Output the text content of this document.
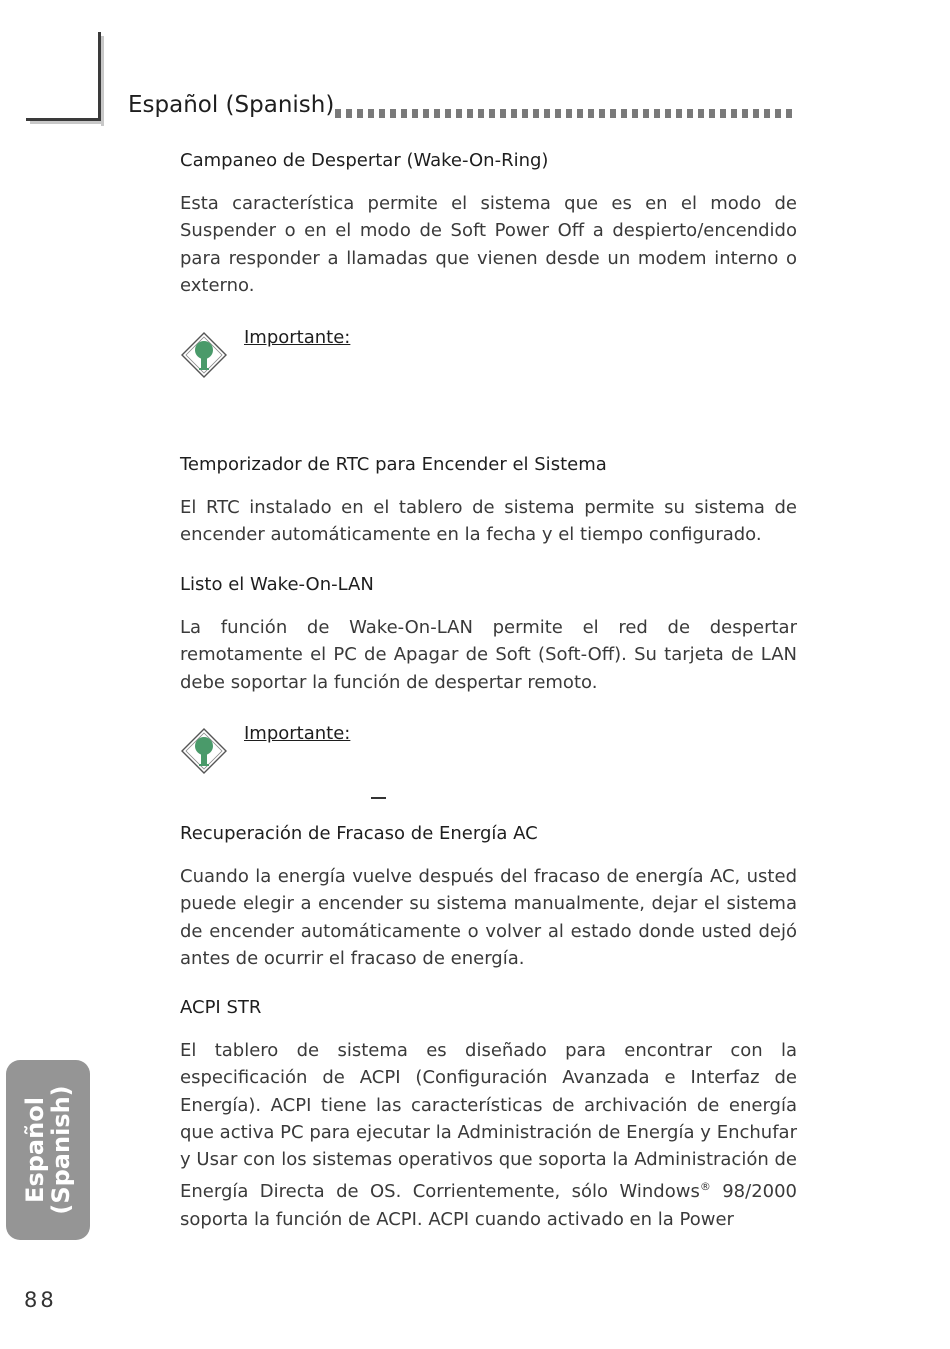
Español (Spanish)

Campaneo de Despertar (Wake-On-Ring)

Esta característica permite el sistema que es en el modo de Suspender o en el modo de Soft Power Off a despierto/encendido para responder a llamadas que vienen desde un modem interno o externo.

Importante:

Temporizador de RTC para Encender el Sistema

El RTC instalado en el tablero de sistema permite su sistema de encender automáticamente en la fecha y el tiempo configurado.

Listo el Wake-On-LAN

La función de Wake-On-LAN permite el red de despertar remotamente el PC de Apagar de Soft (Soft-Off). Su tarjeta de LAN debe soportar la función de despertar remoto.

Importante:

Recuperación de Fracaso de Energía AC

Cuando la energía vuelve después del fracaso de energía AC, usted puede elegir a encender su sistema manualmente, dejar el sistema de encender automáticamente o volver al estado donde usted dejó antes de ocurrir el fracaso de energía.

ACPI STR

El tablero de sistema es diseñado para encontrar con la especificación de ACPI (Configuración Avanzada e Interfaz de Energía). ACPI tiene las características de archivación de energía que activa PC para ejecutar la Administración de Energía y Enchufar y Usar con los sistemas operativos que soporta la Administración de Energía Directa de OS. Corrientemente, sólo Windows® 98/2000 soporta la función de ACPI. ACPI cuando activado en la Power

Español
(Spanish)
88
